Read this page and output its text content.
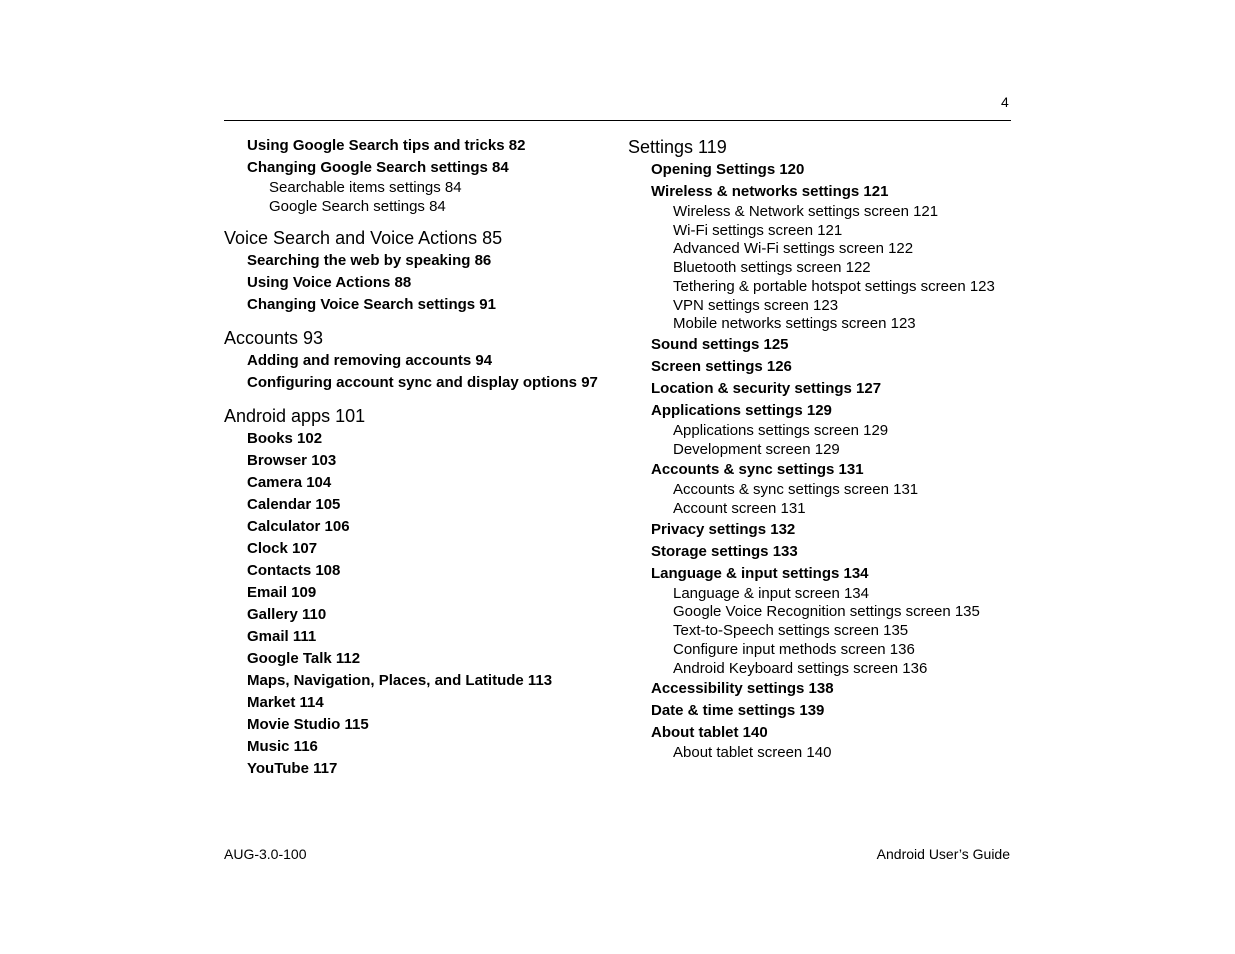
4
Using Google Search tips and tricks 82
Changing Google Search settings 84
Searchable items settings 84
Google Search settings 84
Voice Search and Voice Actions 85
Searching the web by speaking 86
Using Voice Actions 88
Changing Voice Search settings 91
Accounts 93
Adding and removing accounts 94
Configuring account sync and display options 97
Android apps 101
Books 102
Browser 103
Camera 104
Calendar 105
Calculator 106
Clock 107
Contacts 108
Email 109
Gallery 110
Gmail 111
Google Talk 112
Maps, Navigation, Places, and Latitude 113
Market 114
Movie Studio 115
Music 116
YouTube 117
Settings 119
Opening Settings 120
Wireless & networks settings 121
Wireless & Network settings screen 121
Wi-Fi settings screen 121
Advanced Wi-Fi settings screen 122
Bluetooth settings screen 122
Tethering & portable hotspot settings screen 123
VPN settings screen 123
Mobile networks settings screen 123
Sound settings 125
Screen settings 126
Location & security settings 127
Applications settings 129
Applications settings screen 129
Development screen 129
Accounts & sync settings 131
Accounts & sync settings screen 131
Account screen 131
Privacy settings 132
Storage settings 133
Language & input settings 134
Language & input screen 134
Google Voice Recognition settings screen 135
Text-to-Speech settings screen 135
Configure input methods screen 136
Android Keyboard settings screen 136
Accessibility settings 138
Date & time settings 139
About tablet 140
About tablet screen 140
AUG-3.0-100	Android User’s Guide
